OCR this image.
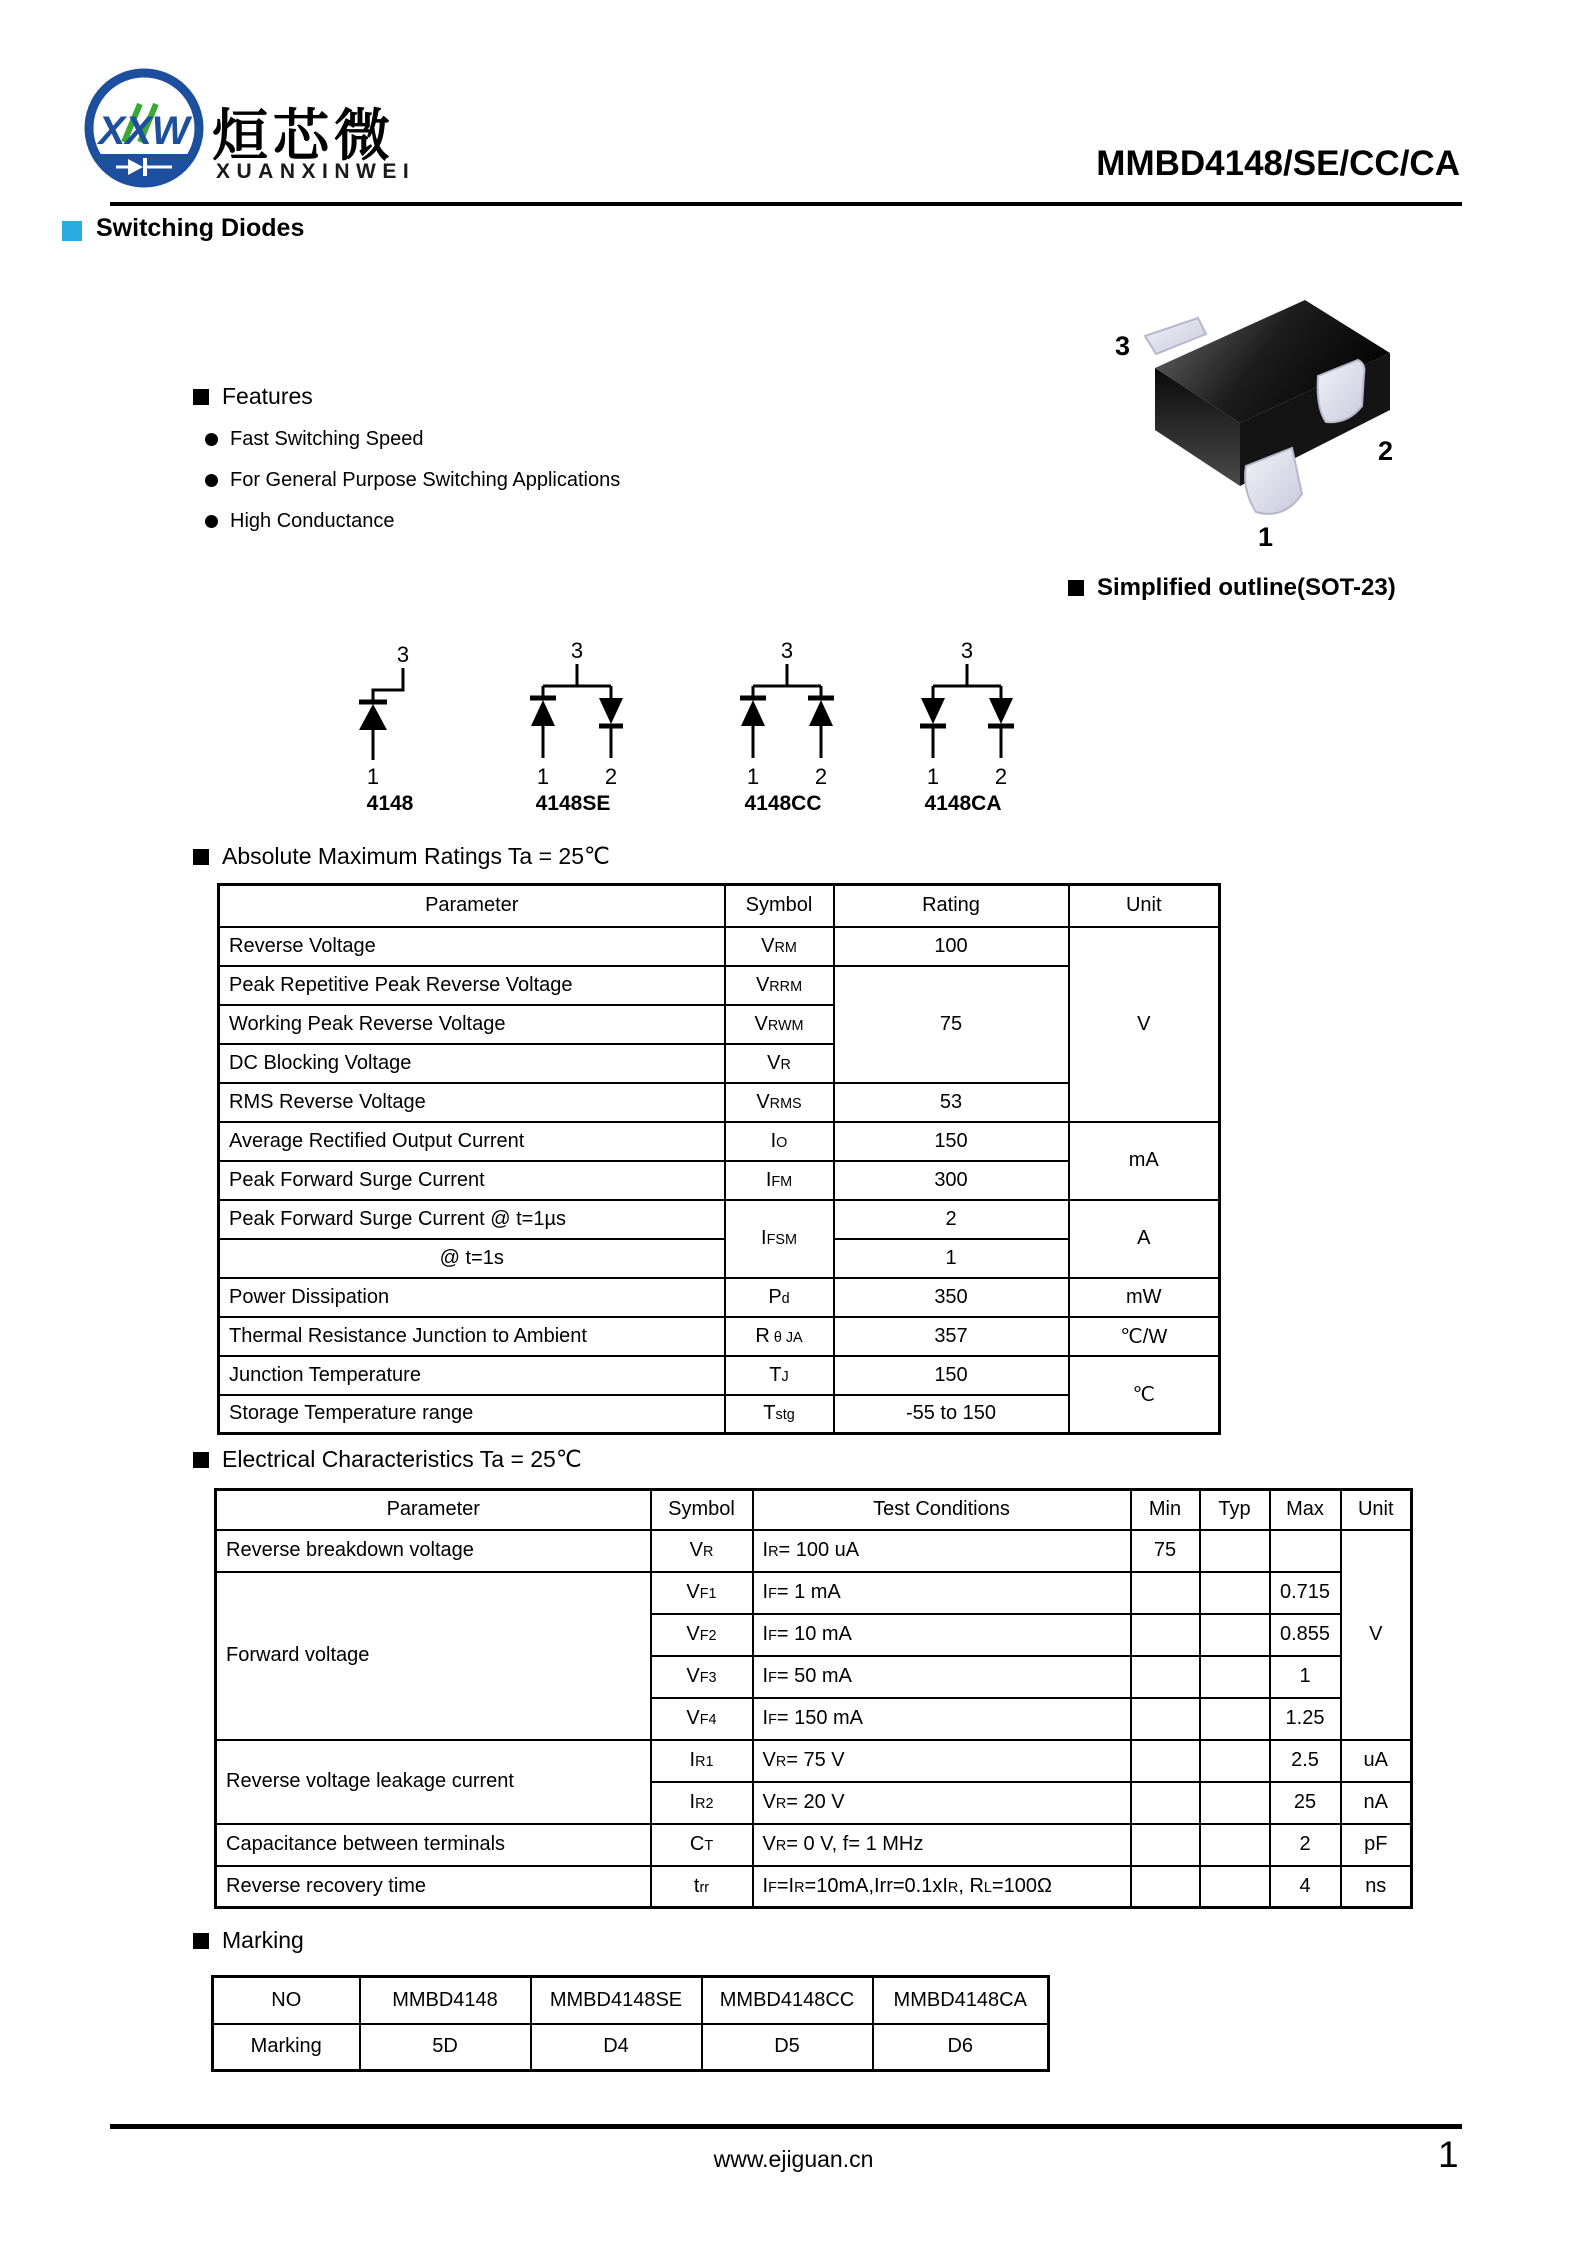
XXW 烜芯微
XUANXINWEI	MMBD4148/SE/CC/CA
Switching Diodes
Features
Fast Switching Speed
For General Purpose Switching Applications
High Conductance
3
2
1
Simplified outline(SOT-23)
3
1
3
1	2
3
1	2
3
1	2
4148	4148SE	4148CC	4148CA
Absolute Maximum Ratings Ta = 25℃
Parameter	Symbol	Rating	Unit
Reverse Voltage	VRM	100	V
Peak Repetitive Peak Reverse Voltage	VRRM	75	
Working Peak Reverse Voltage	VRWM		
DC Blocking Voltage	VR		
RMS Reverse Voltage	VRMS	53	
Average Rectified Output Current	IO	150	mA
Peak Forward Surge Current	IFM	300	
Peak Forward Surge Current @ t=1µs	IFSM	2	A
@ t=1s		1	
Power Dissipation	Pd	350	mW
Thermal Resistance Junction to Ambient	R θ JA	357	℃/W
Junction Temperature	TJ	150	℃
Storage Temperature range	Tstg	-55 to 150	
Electrical Characteristics Ta = 25℃
Parameter	Symbol	Test Conditions	Min	Typ	Max	Unit
Reverse breakdown voltage	VR	IR= 100 uA	75			V
Forward voltage	VF1	IF= 1 mA			0.715	
	VF2	IF= 10 mA			0.855	
	VF3	IF= 50 mA			1	
	VF4	IF= 150 mA			1.25	
Reverse voltage leakage current	IR1	VR= 75 V			2.5	uA
	IR2	VR= 20 V			25	nA
Capacitance between terminals	CT	VR= 0 V, f= 1 MHz			2	pF
Reverse recovery time	trr	IF=IR=10mA,Irr=0.1xIR, RL=100Ω			4	ns
Marking
NO	MMBD4148	MMBD4148SE	MMBD4148CC	MMBD4148CA
Marking	5D	D4	D5	D6
www.ejiguan.cn	1
